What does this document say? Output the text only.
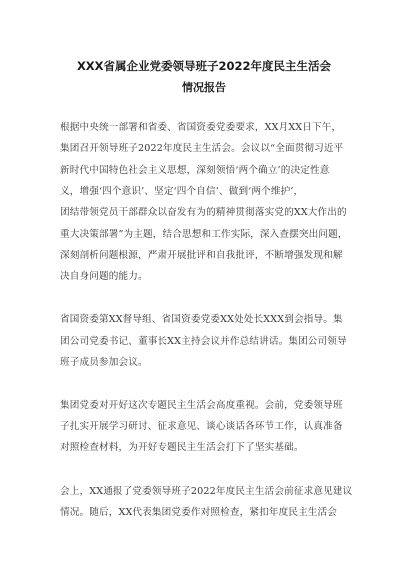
XXX省属企业党委领导班子2022年度民主生活会
情况报告
根据中央统一部署和省委、省国资委党委要求，XX月XX日下午，
集团召开领导班子2022年度民主生活会。会议以“全面贯彻习近平
新时代中国特色社会主义思想，深刻领悟‘两个确立’的决定性意
义，增强‘四个意识’、坚定‘四个自信’、做到‘两个维护’，
团结带领党员干部群众以奋发有为的精神贯彻落实党的XX大作出的
重大决策部署”为主题，结合思想和工作实际，深入查摆突出问题，
深刻剖析问题根源，严肃开展批评和自我批评，不断增强发现和解
决自身问题的能力。
省国资委第XX督导组、省国资委党委XX处处长XXX到会指导。集
团公司党委书记、董事长XX主持会议并作总结讲话。集团公司领导
班子成员参加会议。
集团党委对开好这次专题民主生活会高度重视。会前，党委领导班
子扎实开展学习研讨、征求意见、谈心谈话各环节工作，认真准备
对照检查材料，为开好专题民主生活会打下了坚实基础。
会上，XX通报了党委领导班子2022年度民主生活会前征求意见建议
情况。随后，XX代表集团党委作对照检查，紧扣年度民主生活会
